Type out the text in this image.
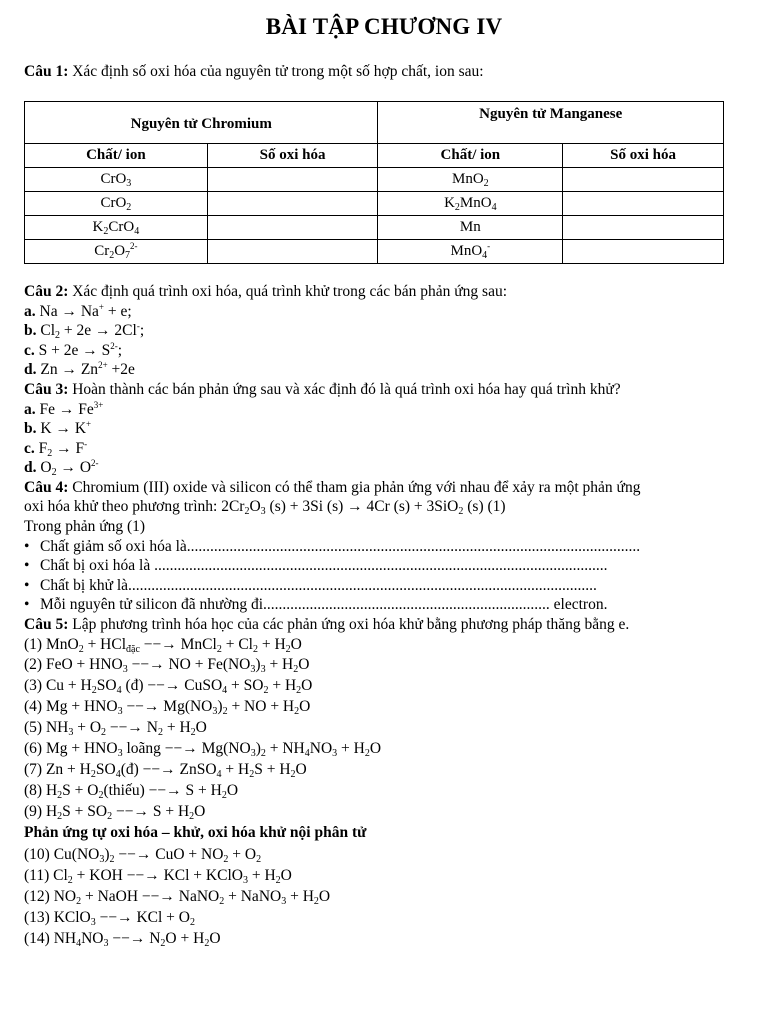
BÀI TẬP CHƯƠNG IV
Câu 1: Xác định số oxi hóa của nguyên tử trong một số hợp chất, ion sau:
Nguyên tử Chromium		Nguyên tử Manganese	
Chất/ ion	Số oxi hóa	Chất/ ion	Số oxi hóa
CrO$_3$		MnO$_2$	
CrO$_2$		$K_2MnO_4$	
$K_2CrO_4$		Mn	
$Cr_2O_7^{2-}$		MnO$_4$-	
Câu 2: Xác định quá trình oxi hóa, quá trình khử trong các bán phản ứng sau:
a. Na → Na+ + e;
b. $Cl_2 + 2e \to 2Cl^-$;
c. $S + 2e \to S^{2-}$;
d. $Zn \to Zn^{2+} +2e$
Câu 3: Hoàn thành các bán phản ứng sau và xác định đó là quá trình oxi hóa hay quá trình khử?
a. $Fe \to Fe^{3+}$
b. K → K+
c. $F_2 \to F^-$
d. $O_2 \to O^{2-}$
Câu 4: Chromium (III) oxide và silicon có thể tham gia phản ứng với nhau để xảy ra một phản ứng
oxi hóa khử theo phương trình: $2Cr_2O_3$ (s) + 3Si (s) → 4Cr (s) + 3SiO$_2$ (s) (1)
Trong phản ứng (1)
• Chất giảm số oxi hóa là.....................................................................................................................
• Chất bị oxi hóa là .....................................................................................................................
• Chất bị khử là.........................................................................................................................
• Mỗi nguyên tử silicon đã nhường đi.......................................................................... electron.
Câu 5: Lập phương trình hóa học của các phản ứng oxi hóa khử bằng phương pháp thăng bằng e.
(1) MnO$_2$ + HCl$_{đặc}$ −−→ MnCl$_2$ + $Cl_2 + H_2O$
(2) FeO + $HNO_3$ −−→ NO + $Fe(NO_3)_3 + H_2O$
(3) $Cu + H_2SO_4$ (đ) −−→ CuSO$_4$ + $SO_2 + H_2O$
(4) $Mg + HNO_3$ −−→ $Mg(NO_3)_2$ + NO + $H_2O$
(5) $NH_3 + O_2$ −−→ $N_2 + H_2O$
(6) $Mg + HNO_3$ loãng −−→ $Mg(NO_3)_2 + NH_4NO_3 + H_2O$
(7) $Zn + H_2SO_4(đ)$ −−→ ZnSO$_4$ + $H_2S + H_2O$
(8) $H_2S$ + $O_2(thiếu)$ −−→ $S + H_2O$
(9) $H_2S + SO_2$ −−→ $S + H_2O$
Phản ứng tự oxi hóa – khử, oxi hóa khử nội phân tử
(10) $Cu(NO_3)_2$ −−→ CuO + $NO_2 + O_2$
(11) $Cl_2$ + KOH −−→ KCl + KClO$_3$ + $H_2O$
(12) $NO_2$ + NaOH −−→ NaNO$_2$ + NaNO$_3$ + $H_2O$
(13) KClO$_3$ −−→ KCl + $O_2$
(14) $NH_4NO_3$ −−→ $N_2O + H_2O$
